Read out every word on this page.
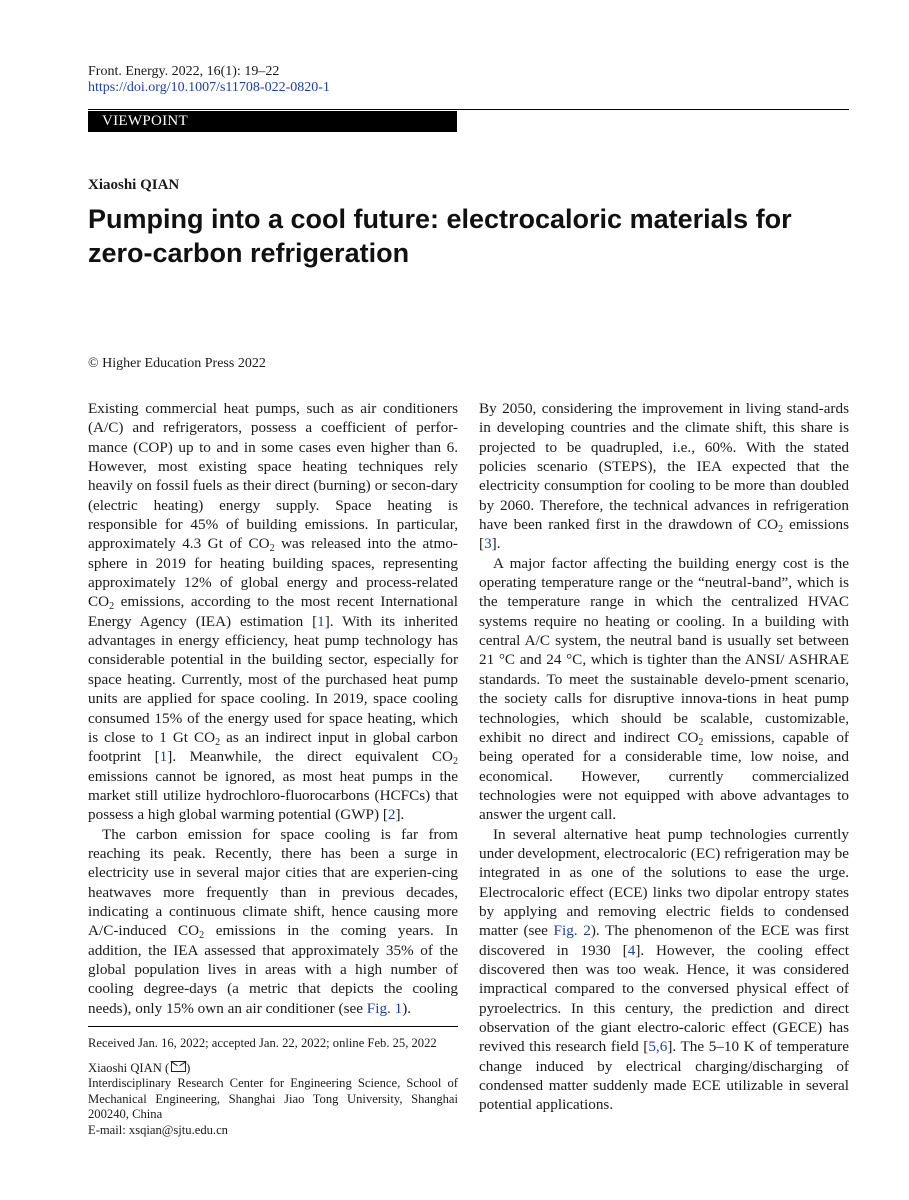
Front. Energy. 2022, 16(1): 19–22
https://doi.org/10.1007/s11708-022-0820-1
VIEWPOINT
Xiaoshi QIAN
Pumping into a cool future: electrocaloric materials for zero-carbon refrigeration
© Higher Education Press 2022

Existing commercial heat pumps, such as air conditioners (A/C) and refrigerators, possess a coefficient of perfor-mance (COP) up to and in some cases even higher than 6. However, most existing space heating techniques rely heavily on fossil fuels as their direct (burning) or secon-dary (electric heating) energy supply. Space heating is responsible for 45% of building emissions. In particular, approximately 4.3 Gt of $CO_2$ was released into the atmo-sphere in 2019 for heating building spaces, representing approximately 12% of global energy and process-related $CO_2$ emissions, according to the most recent International Energy Agency (IEA) estimation [1]. With its inherited advantages in energy efficiency, heat pump technology has considerable potential in the building sector, especially for space heating. Currently, most of the purchased heat pump units are applied for space cooling. In 2019, space cooling consumed 15% of the energy used for space heating, which is close to 1 Gt $CO_2$ as an indirect input in global carbon footprint [1]. Meanwhile, the direct equivalent $CO_2$ emissions cannot be ignored, as most heat pumps in the market still utilize hydrochloro-fluorocarbons (HCFCs) that possess a high global warming potential (GWP) [2].

The carbon emission for space cooling is far from reaching its peak. Recently, there has been a surge in electricity use in several major cities that are experien-cing heatwaves more frequently than in previous decades, indicating a continuous climate shift, hence causing more A/C-induced $CO_2$ emissions in the coming years. In addition, the IEA assessed that approximately 35% of the global population lives in areas with a high number of cooling degree-days (a metric that depicts the cooling needs), only 15% own an air conditioner (see Fig. 1).

By 2050, considering the improvement in living stand-ards in developing countries and the climate shift, this share is projected to be quadrupled, i.e., 60%. With the stated policies scenario (STEPS), the IEA expected that the electricity consumption for cooling to be more than doubled by 2060. Therefore, the technical advances in refrigeration have been ranked first in the drawdown of $CO_2$ emissions [3].

A major factor affecting the building energy cost is the operating temperature range or the “neutral-band”, which is the temperature range in which the centralized HVAC systems require no heating or cooling. In a building with central A/C system, the neutral band is usually set between 21 °C and 24 °C, which is tighter than the ANSI/ ASHRAE standards. To meet the sustainable develo-pment scenario, the society calls for disruptive innova-tions in heat pump technologies, which should be scalable, customizable, exhibit no direct and indirect $CO_2$ emissions, capable of being operated for a considerable time, low noise, and economical. However, currently commercialized technologies were not equipped with above advantages to answer the urgent call.

In several alternative heat pump technologies currently under development, electrocaloric (EC) refrigeration may be integrated in as one of the solutions to ease the urge. Electrocaloric effect (ECE) links two dipolar entropy states by applying and removing electric fields to condensed matter (see Fig. 2). The phenomenon of the ECE was first discovered in 1930 [4]. However, the cooling effect discovered then was too weak. Hence, it was considered impractical compared to the conversed physical effect of pyroelectrics. In this century, the prediction and direct observation of the giant electro-caloric effect (GECE) has revived this research field [5,6]. The 5–10 K of temperature change induced by electrical charging/discharging of condensed matter suddenly made ECE utilizable in several potential applications.

Received Jan. 16, 2022; accepted Jan. 22, 2022; online Feb. 25, 2022
Xiaoshi QIAN ( )
Interdisciplinary Research Center for Engineering Science, School of Mechanical Engineering, Shanghai Jiao Tong University, Shanghai 200240, China
E-mail: xsqian@sjtu.edu.cn
